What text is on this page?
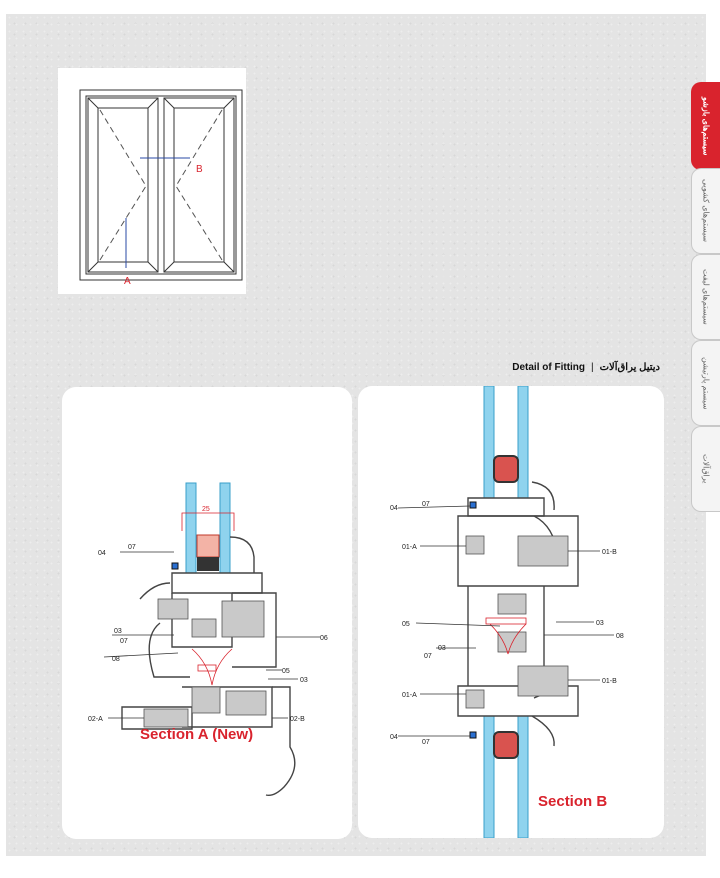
A
B
Detail of Fitting | دیتیل یراق‌آلات
25
04
07
03
07
08
06
05
03
02-A	02-B
Section A (New)
04
07
01-A
01-B
05	03
08
07
03
01-A
01-B
04
07
Section B
سیستم‌های بازشو
سیستم‌های کشویی
سیستم‌های لیفت
سیستم پارتیشن
یراق‌آلات
